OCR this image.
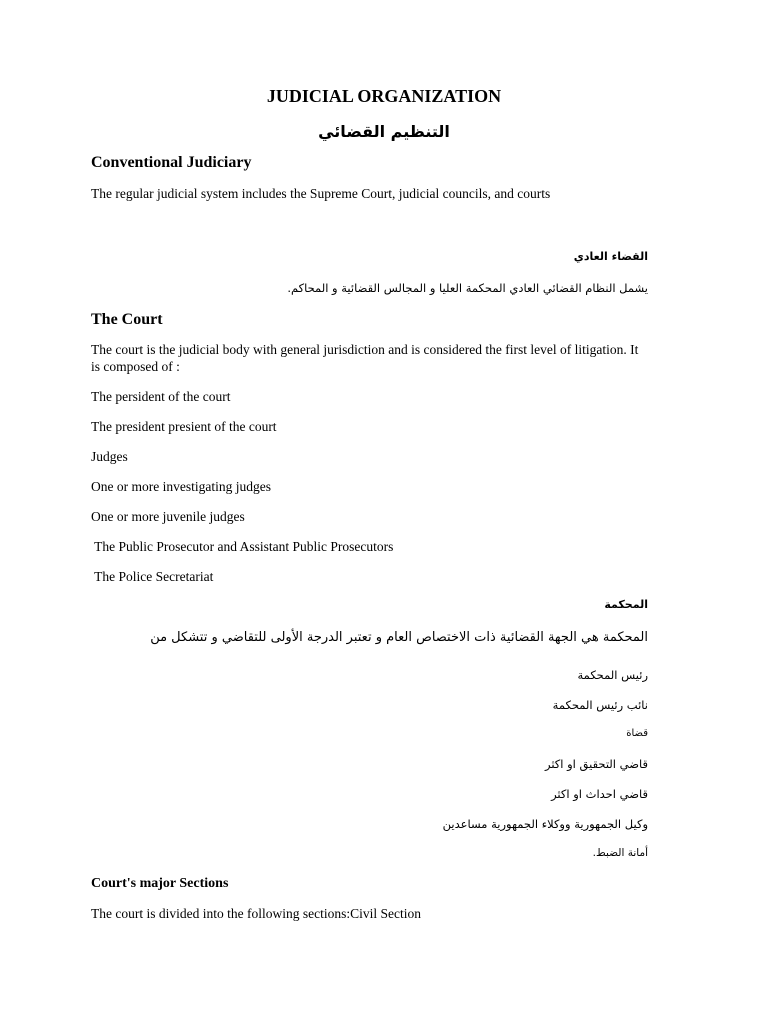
JUDICIAL ORGANIZATION
التنظيم القضائي
Conventional Judiciary
The regular judicial system includes the Supreme Court, judicial councils, and courts
القضاء العادي
يشمل النظام القضائي العادي المحكمة العليا و المجالس القضائية و المحاكم.
The Court
The court is the judicial body with general jurisdiction and is considered the first level of litigation. It
is composed of :
The persident of the court
The president presient of the court
Judges
One or more investigating judges
One or more juvenile judges
The Public Prosecutor and Assistant Public Prosecutors
The Police Secretariat
المحكمة
المحكمة هي الجهة القضائية ذات الاختصاص العام و تعتبر الدرجة الأولى للتقاضي و تتشكل من
رئيس المحكمة
نائب رئيس المحكمة
قضاة
قاضي التحقيق او اكثر
قاضي احداث او اكثر
وكيل الجمهورية ووكلاء الجمهورية مساعدين
أمانة الضبط.
Court's major Sections
The court is divided into the following sections:Civil Section
